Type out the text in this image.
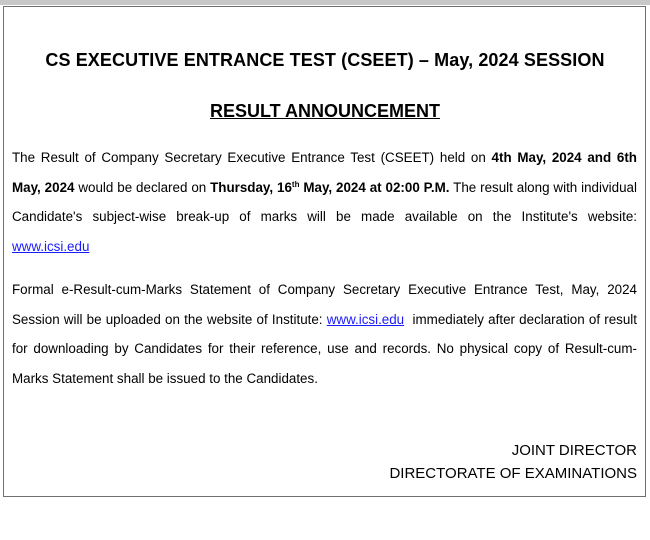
CS EXECUTIVE ENTRANCE TEST (CSEET) – May, 2024 SESSION
RESULT ANNOUNCEMENT

The Result of Company Secretary Executive Entrance Test (CSEET) held on 4th May, 2024 and 6th May, 2024 would be declared on Thursday, 16th May, 2024 at 02:00 P.M. The result along with individual Candidate's subject-wise break-up of marks will be made available on the Institute's website: www.icsi.edu

Formal e-Result-cum-Marks Statement of Company Secretary Executive Entrance Test, May, 2024 Session will be uploaded on the website of Institute: www.icsi.edu  immediately after declaration of result for downloading by Candidates for their reference, use and records. No physical copy of Result-cum-Marks Statement shall be issued to the Candidates.

JOINT DIRECTOR

DIRECTORATE OF EXAMINATIONS
